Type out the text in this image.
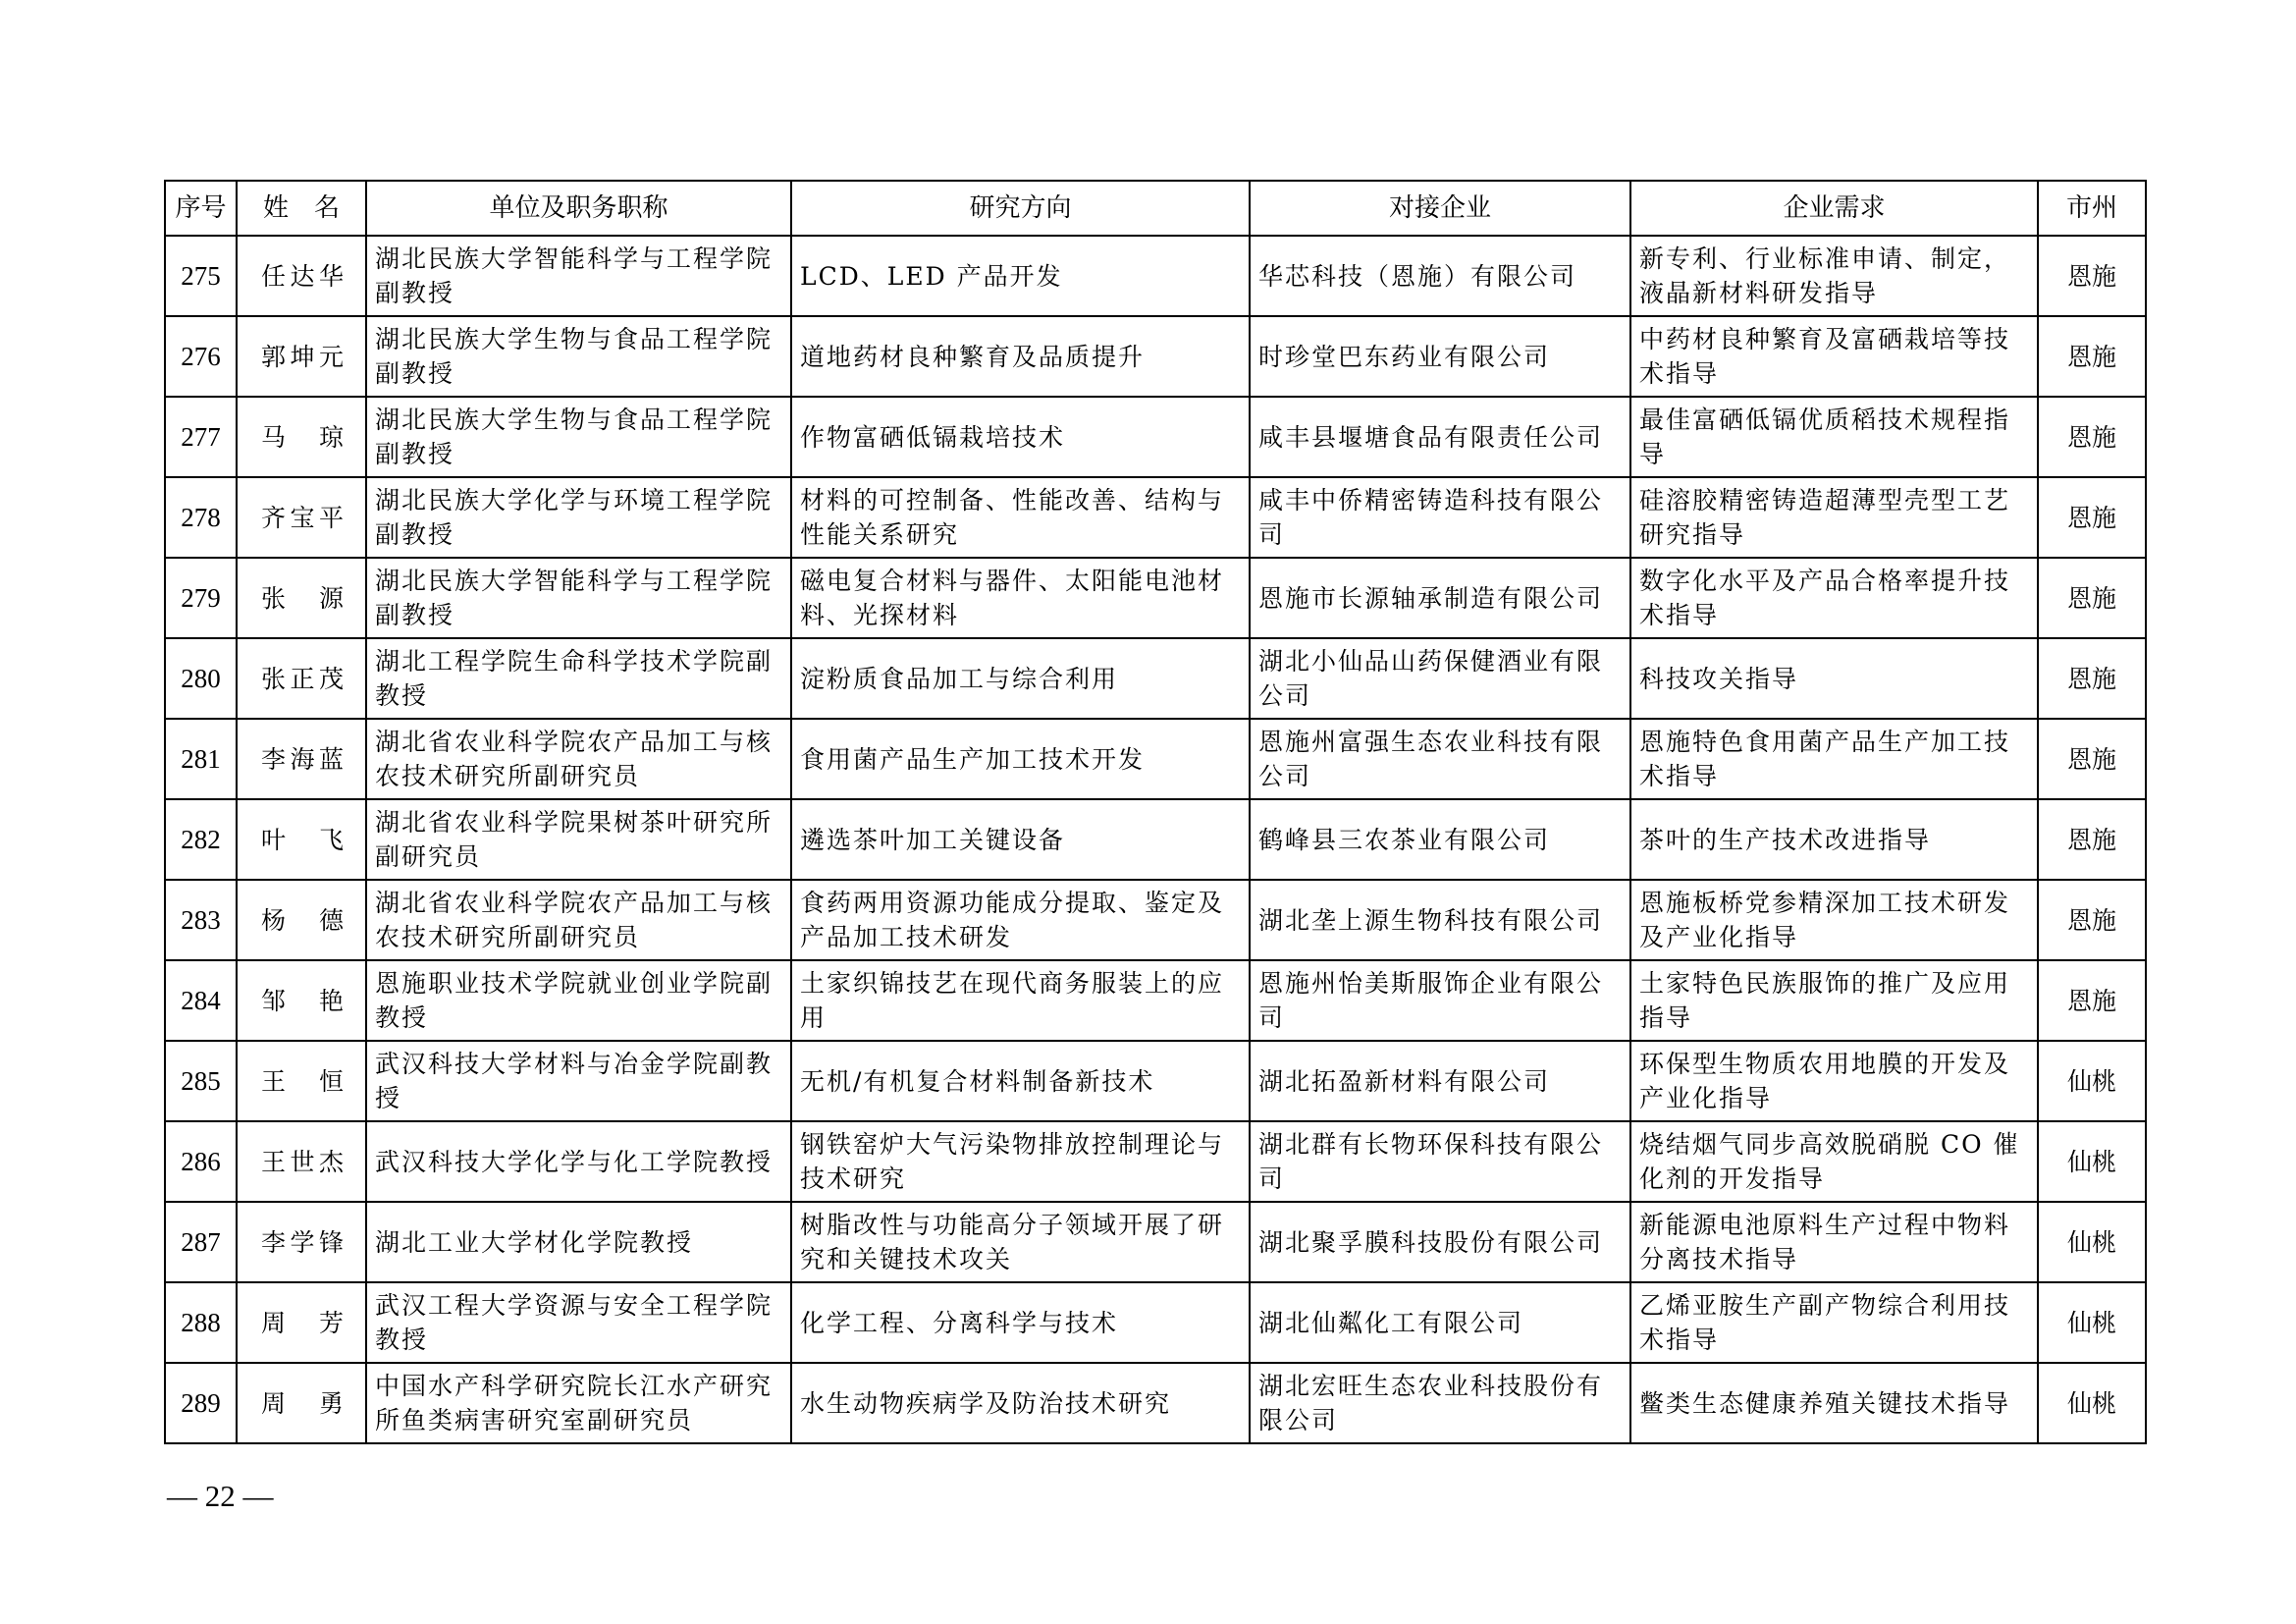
序号	姓　名	单位及职务职称	研究方向	对接企业	企业需求	市州
275	任达华	湖北民族大学智能科学与工程学院副教授	LCD、LED 产品开发	华芯科技（恩施）有限公司	新专利、行业标准申请、制定，液晶新材料研发指导	恩施
276	郭坤元	湖北民族大学生物与食品工程学院副教授	道地药材良种繁育及品质提升	时珍堂巴东药业有限公司	中药材良种繁育及富硒栽培等技术指导	恩施
277	马琼	湖北民族大学生物与食品工程学院副教授	作物富硒低镉栽培技术	咸丰县堰塘食品有限责任公司	最佳富硒低镉优质稻技术规程指导	恩施
278	齐宝平	湖北民族大学化学与环境工程学院副教授	材料的可控制备、性能改善、结构与性能关系研究	咸丰中侨精密铸造科技有限公司	硅溶胶精密铸造超薄型壳型工艺研究指导	恩施
279	张源	湖北民族大学智能科学与工程学院副教授	磁电复合材料与器件、太阳能电池材料、光探材料	恩施市长源轴承制造有限公司	数字化水平及产品合格率提升技术指导	恩施
280	张正茂	湖北工程学院生命科学技术学院副教授	淀粉质食品加工与综合利用	湖北小仙品山药保健酒业有限公司	科技攻关指导	恩施
281	李海蓝	湖北省农业科学院农产品加工与核农技术研究所副研究员	食用菌产品生产加工技术开发	恩施州富强生态农业科技有限公司	恩施特色食用菌产品生产加工技术指导	恩施
282	叶飞	湖北省农业科学院果树茶叶研究所副研究员	遴选茶叶加工关键设备	鹤峰县三农茶业有限公司	茶叶的生产技术改进指导	恩施
283	杨德	湖北省农业科学院农产品加工与核农技术研究所副研究员	食药两用资源功能成分提取、鉴定及产品加工技术研发	湖北垄上源生物科技有限公司	恩施板桥党参精深加工技术研发及产业化指导	恩施
284	邹艳	恩施职业技术学院就业创业学院副教授	土家织锦技艺在现代商务服装上的应用	恩施州怡美斯服饰企业有限公司	土家特色民族服饰的推广及应用指导	恩施
285	王恒	武汉科技大学材料与冶金学院副教授	无机/有机复合材料制备新技术	湖北拓盈新材料有限公司	环保型生物质农用地膜的开发及产业化指导	仙桃
286	王世杰	武汉科技大学化学与化工学院教授	钢铁窑炉大气污染物排放控制理论与技术研究	湖北群有长物环保科技有限公司	烧结烟气同步高效脱硝脱 CO 催化剂的开发指导	仙桃
287	李学锋	湖北工业大学材化学院教授	树脂改性与功能高分子领域开展了研究和关键技术攻关	湖北聚孚膜科技股份有限公司	新能源电池原料生产过程中物料分离技术指导	仙桃
288	周芳	武汉工程大学资源与安全工程学院教授	化学工程、分离科学与技术	湖北仙粼化工有限公司	乙烯亚胺生产副产物综合利用技术指导	仙桃
289	周勇	中国水产科学研究院长江水产研究所鱼类病害研究室副研究员	水生动物疾病学及防治技术研究	湖北宏旺生态农业科技股份有限公司	鳖类生态健康养殖关键技术指导	仙桃
— 22 —
